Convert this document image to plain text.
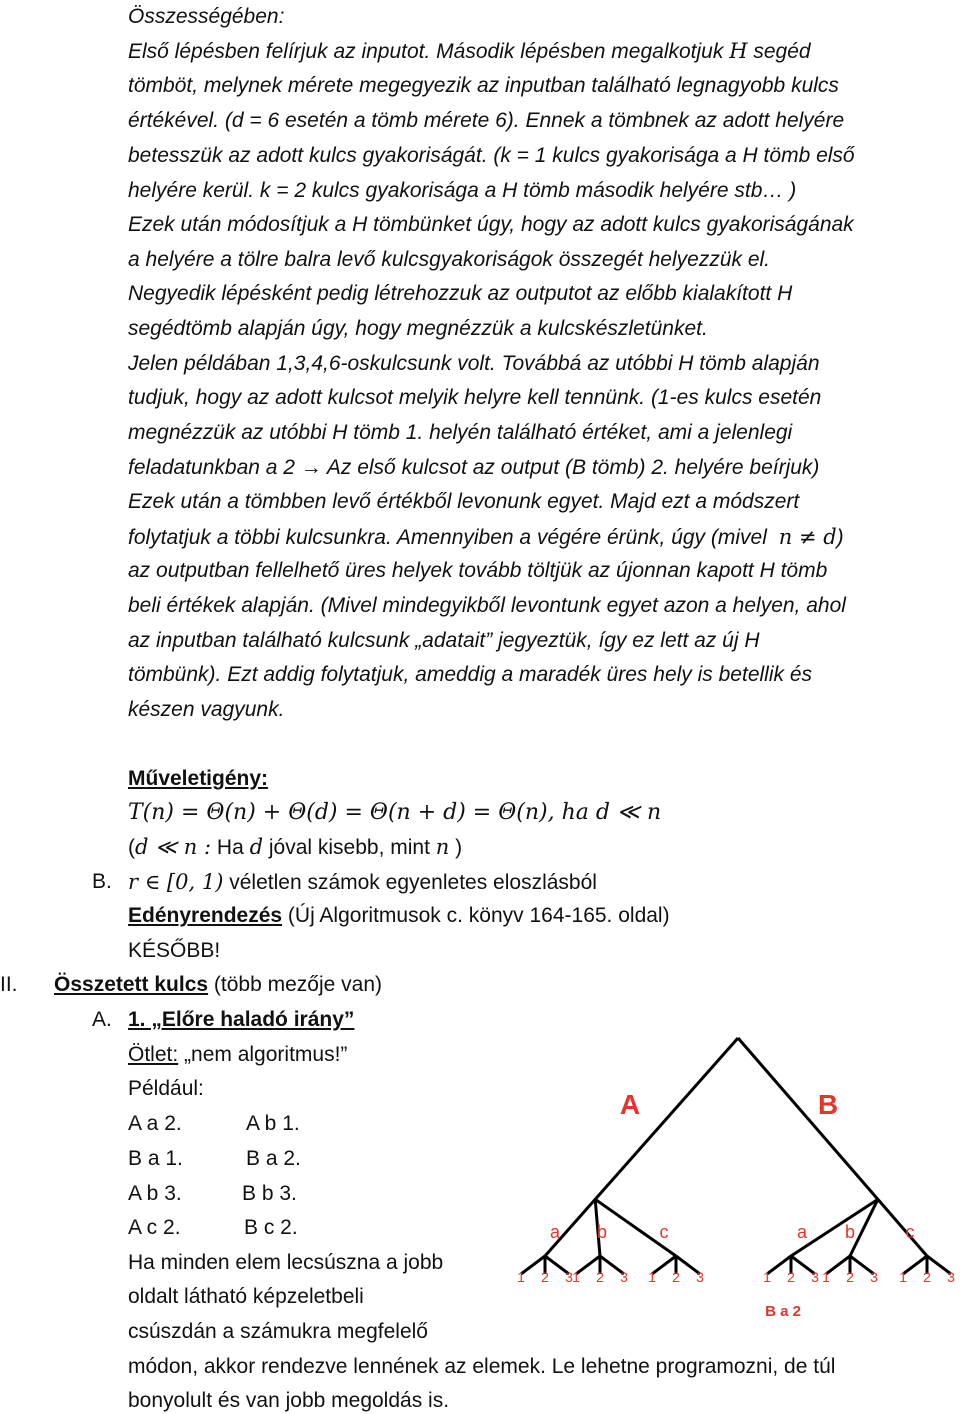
Összességében:
Első lépésben felírjuk az inputot. Második lépésben megalkotjuk H segéd
tömböt, melynek mérete megegyezik az inputban található legnagyobb kulcs
értékével. (d = 6 esetén a tömb mérete 6). Ennek a tömbnek az adott helyére
betesszük az adott kulcs gyakoriságát. (k = 1 kulcs gyakorisága a H tömb első
helyére kerül. k = 2 kulcs gyakorisága a H tömb második helyére stb… )
Ezek után módosítjuk a H tömbünket úgy, hogy az adott kulcs gyakoriságának
a helyére a tölre balra levő kulcsgyakoriságok összegét helyezzük el.
Negyedik lépésként pedig létrehozzuk az outputot az előbb kialakított H
segédtömb alapján úgy, hogy megnézzük a kulcskészletünket.
Jelen példában 1,3,4,6-oskulcsunk volt. Továbbá az utóbbi H tömb alapján
tudjuk, hogy az adott kulcsot melyik helyre kell tennünk. (1-es kulcs esetén
megnézzük az utóbbi H tömb 1. helyén található értéket, ami a jelenlegi
feladatunkban a 2 → Az első kulcsot az output (B tömb) 2. helyére beírjuk)
Ezek után a tömbben levő értékből levonunk egyet. Majd ezt a módszert
folytatjuk a többi kulcsunkra. Amennyiben a végére érünk, úgy (mivel n ≠ d)
az outputban fellelhető üres helyek tovább töltjük az újonnan kapott H tömb
beli értékek alapján. (Mivel mindegyikből levontunk egyet azon a helyen, ahol
az inputban található kulcsunk „adatait” jegyeztük, így ez lett az új H
tömbünk). Ezt addig folytatjuk, ameddig a maradék üres hely is betellik és
készen vagyunk.
Műveletigény:
T(n) = Θ(n) + Θ(d) = Θ(n + d) = Θ(n), ha d ≪ n
(d ≪ n : Ha d jóval kisebb, mint n )
B. r ∈ [0, 1) véletlen számok egyenletes eloszlásból
Edényrendezés (Új Algoritmusok c. könyv 164-165. oldal)
KÉSŐBB!
II. Összetett kulcs (több mezője van)
A. 1. „Előre haladó irány”
Ötlet: „nem algoritmus!”
Például:
A a 2.	A b 1.
B a 1.	B a 2.
A b 3.	B b 3.
A c 2.	B c 2.
Ha minden elem lecsúszna a jobb
oldalt látható képzeletbeli
csúszdán a számukra megfelelő
módon, akkor rendezve lennének az elemek. Le lehetne programozni, de túl
bonyolult és van jobb megoldás is.
1 2 3 1 2 3 1 2 3	1 2 3 1 2 3 1 2 3
A	B
a b	c	a b	c
B a 2
